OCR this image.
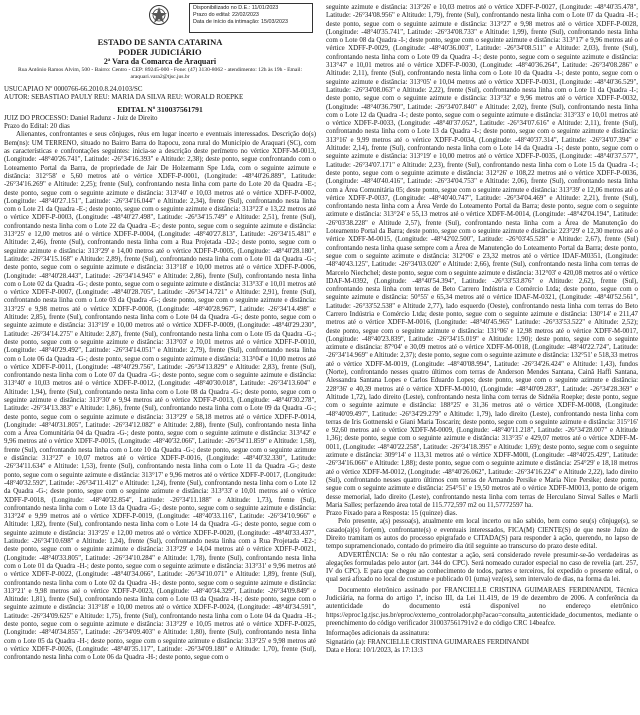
Disponibilizado no D.E.: 11/01/2023
Prazo do edital: 22/02/2023
Data de início da intimação: 15/03/2023
ESTADO DE SANTA CATARINA
PODER JUDICIÁRIO
2ª Vara da Comarca de Araquari
Rua Antônio Ramos Alvim, 500 - Bairro: Centro - CEP: 89245-000 - Fone: (47) 3130-8062 - atendimento: 12h às 19h - Email: araquari.vara2@tjsc.jus.br
USUCAPIÃO Nº 0000766-66.2010.8.24.0103/SC
AUTOR: SEBASTIÃO PAULY RÉU: MARIA DA SILVA RÉU: WORALD ROEPKE
EDITAL Nº 310037561791
JUIZ DO PROCESSO: Daniel Radunz - Juiz de Direito
Prazo do Edital: 20 dias

Alienantes, confrontantes e seus cônjuges, réus em lugar incerto e eventuais interessados. Descrição do(s) Bem(ns): UM TERRENO, situado no Bairro Barra do Itapocu, zona rural do Município de Araquari (SC), com as características e confrontações seguintes: inicia-se a descrição deste perímetro no vértice XDFF-M-0013, (Longitude: -48°40'26.741", Latitude: -26°34'16.393" e Altitude: 2,38); deste ponto, segue confrontando com o Loteamento Portal da Barra, de propriedade de Jair De Holzemann Spe Ltda, com o seguinte azimute e distância: 312°58' e 5,60 metros até o vértice XDFF-P-0001, (Longitude: -48°40'26.889", Latitude: -26°34'16.269" e Altitude: 2,25); frente (Sul), confrontando nesta linha com parte do Lote 20 da Quadra -E-; deste ponto, segue com o seguinte azimute e distância: 313°40' e 10,03 metros até o vértice XDFF-P-0002, (Longitude: -48°40'27.151", Latitude: -26°34'16.044" e Altitude: 2,34), frente (Sul), confrontando nesta linha com o Lote 21 da Quadra -E-; deste ponto, segue com o seguinte azimute e distância: 313°23' e 13,22 metros até o vértice XDFF-P-0003, (Longitude: -48°40'27.498", Latitude: -26°34'15.749" e Altitude: 2,51), frente (Sul), confrontando nesta linha com o Lote 22 da Quadra -E-; deste ponto, segue com o seguinte azimute e distância: 313°25' e 12,00 metros até o vértice XDFF-P-0004, (Longitude: -48°40'27.813", Latitude: -26°34'15.481" e Altitude: 2,46), frente (Sul), confrontando nesta linha com a Rua Projetada -D2-; deste ponto, segue com o seguinte azimute e distância: 313°29' e 14,00 metros até o vértice XDFF-P-0005, (Longitude: -48°40'28.180", Latitude: -26°34'15.168" e Altitude: 2,89), frente (Sul), confrontando nesta linha com o Lote 01 da Quadra -G-; deste ponto, segue com o seguinte azimute e distância: 313°18' e 10,00 metros até o vértice XDFF-P-0006, (Longitude: -48°40'28.443", Latitude: -26°34'14.945" e Altitude: 2,86), frente (Sul), confrontando nesta linha com o Lote 02 da Quadra -G-; deste ponto, segue com o seguinte azimute e distância: 313°33' e 10,01 metros até o vértice XDFF-P-0007, (Longitude: -48°40'28.705", Latitude: -26°34'14.721" e Altitude: 2,91), frente (Sul), confrontando nesta linha com o Lote 03 da Quadra -G-; deste ponto, segue com o seguinte azimute e distância: 313°25' e 9,98 metros até o vértice XDFF-P-0008, (Longitude: -48°40'28.967", Latitude: -26°34'14.498" e Altitude: 2,85), frente (Sul), confrontando nesta linha com o Lote 04 da Quadra -G-; deste ponto, segue com o seguinte azimute e distância: 313°19' e 10,00 metros até o vértice XDFF-P-0009, (Longitude: -48°40'29.230", Latitude: -26°34'14.275" e Altitude: 2,87), frente (Sul), confrontando nesta linha com o Lote 05 da Quadra -G-; deste ponto, segue com o seguinte azimute e distância: 313°03' e 10,01 metros até o vértice XDFF-P-0010, (Longitude: -48°40'29.492", Latitude: -26°34'14.051" e Altitude: 2,79), frente (Sul), confrontando nesta linha com o Lote 06 da Quadra -G-; deste ponto, segue com o seguinte azimute e distância: 313°04' e 10,00 metros até o vértice XDFF-P-0011, (Longitude: -48°40'29.756", Latitude: -26°34'13.829" e Altitude: 2,83), frente (Sul), confrontando nesta linha com o Lote 07 da Quadra -G-; deste ponto, segue com o seguinte azimute e distância: 313°40' e 10,03 metros até o vértice XDFF-P-0012, (Longitude: -48°40'30.018", Latitude: -26°34'13.604" e Altitude: 1,94), frente (Sul), confrontando nesta linha com o Lote 08 da Quadra -G-; deste ponto, segue com o seguinte azimute e distância: 313°30' e 9,94 metros até o vértice XDFF-P-0013, (Longitude: -48°40'30.278", Latitude: -26°34'13.383" e Altitude: 1,86), frente (Sul), confrontando nesta linha com o Lote 09 da Quadra -G-; deste ponto, segue com o seguinte azimute e distância: 313°29' e 58,18 metros até o vértice XDFF-P-0014, (Longitude: -48°40'31.805", Latitude: -26°34'12.082" e Altitude: 2,88), frente (Sul), confrontando nesta linha com a Área Comunitária 04 da Quadra -G-; deste ponto, segue com o seguinte azimute e distância: 313°42' e 9,96 metros até o vértice XDFF-P-0015, (Longitude: -48°40'32.066", Latitude: -26°34'11.859" e Altitude: 1,58), frente (Sul), confrontando nesta linha com o Lote 10 da Quadra -G-; deste ponto, segue com o seguinte azimute e distância: 313°27' e 10,07 metros até o vértice XDFF-P-0016, (Longitude: -48°40'32.330", Latitude: -26°34'11.634" e Altitude: 1,53), frente (Sul), confrontando nesta linha com o Lote 11 da Quadra -G-; deste ponto, segue com o seguinte azimute e distância: 313°17' e 9,96 metros até o vértice XDFF-P-0017, (Longitude: -48°40'32.592", Latitude: -26°34'11.412" e Altitude: 1,24), frente (Sul), confrontando nesta linha com o Lote 12 da Quadra -G-; deste ponto, segue com o seguinte azimute e distância: 313°33' e 10,01 metros até o vértice XDFF-P-0018, (Longitude: -48°40'32.854", Latitude: -26°34'11.188" e Altitude: 1,73), frente (Sul), confrontando nesta linha com o Lote 13 da Quadra -G-; deste ponto, segue com o seguinte azimute e distância: 313°24' e 9,99 metros até o vértice XDFF-P-0019, (Longitude: -48°40'33.116", Latitude: -26°34'10.966" e Altitude: 1,82), frente (Sul), confrontando nesta linha com o Lote 14 da Quadra -G-; deste ponto, segue com o seguinte azimute e distância: 313°25' e 12,00 metros até o vértice XDFF-P-0020, (Longitude: -48°40'33.437", Latitude: -26°34'10.698" e Altitude: 1,24), frente (Sul), confrontando nesta linha com a Rua Projetada -E2-; deste ponto, segue com o seguinte azimute e distância: 313°29' e 14,04 metros até o vértice XDFF-P-0021, (Longitude: -48°40'33.805", Latitude: -26°34'10.284" e Altitude: 1,78), frente (Sul), confrontando nesta linha com o Lote 01 da Quadra -H-; deste ponto, segue com o seguinte azimute e distância: 313°31' e 9,96 metros até o vértice XDFF-P-0022, (Longitude: -48°40'34.066", Latitude: -26°34'10.071" e Altitude: 1,89), frente (Sul), confrontando nesta linha com o Lote 02 da Quadra -H-; deste ponto, segue com o seguinte azimute e distância: 313°21' e 9,98 metros até o vértice XDFF-P-0023, (Longitude: -48°40'34.329", Latitude: -26°34'09.849" e Altitude: 1,81), frente (Sul), confrontando nesta linha com o Lote 03 da Quadra -H-; deste ponto, segue com o seguinte azimute e distância: 313°18' e 10,00 metros até o vértice XDFF-P-0024, (Longitude: -48°40'34.591", Latitude: -26°34'09.625" e Altitude: 1,75), frente (Sul), confrontando nesta linha com o Lote 04 da Quadra -H-; deste ponto, segue com o seguinte azimute e distância: 313°29' e 10,05 metros até o vértice XDFF-P-0025, (Longitude: -48°40'34.855", Latitude: -26°34'09.403" e Altitude: 1,80), frente (Sul), confrontando nesta linha com o Lote 05 da Quadra -H-; deste ponto, segue com o seguinte azimute e distância: 313°25' e 9,98 metros até o vértice XDFF-P-0026, (Longitude: -48°40'35.117", Latitude: -26°34'09.180" e Altitude: 1,70), frente (Sul), confrontando nesta linha com o Lote 06 da Quadra -H-; deste ponto, segue com o

seguinte azimute e distância: 313°26' e 10,03 metros até o vértice XDFF-P-0027, (Longitude: -48°40'35.478", Latitude: -26°34'08.956" e Altitude: 1,79), frente (Sul), confrontando nesta linha com o Lote 07 da Quadra -H-; deste ponto, segue com o seguinte azimute e distância: 313°27' e 9,98 metros até o vértice XDFF-P-0028, (Longitude: -48°40'35.741", Latitude: -26°34'08.733" e Altitude: 1,99), frente (Sul), confrontando nesta linha com o Lote 08 da Quadra -I-; deste ponto, segue com o seguinte azimute e distância: 313°17' e 9,96 metros até o vértice XDFF-P-0029, (Longitude: -48°40'36.003", Latitude: -26°34'08.511" e Altitude: 2,03), frente (Sul), confrontando nesta linha com o Lote 09 da Quadra -I-; deste ponto, segue com o seguinte azimute e distância: 313°47' e 10,01 metros até o vértice XDFF-P-0030, (Longitude: -48°40'36.264", Latitude: -26°34'08.286" e Altitude: 2,11), frente (Sul), confrontando nesta linha com o Lote 10 da Quadra -I-; deste ponto, segue com o seguinte azimute e distância: 313°05' e 10,04 metros até o vértice XDFF-P-0031, (Longitude: -48°40'36.529", Latitude: -26°34'08.063" e Altitude: 2,22), frente (Sul), confrontando nesta linha com o Lote 11 da Quadra -I-; deste ponto, segue com o seguinte azimute e distância: 313°32' e 9,96 metros até o vértice XDFF-P-0032, (Longitude: -48°40'36.790", Latitude: -26°34'07.840" e Altitude: 2,02), frente (Sul), confrontando nesta linha com o Lote 12 da Quadra -I-; deste ponto, segue com o seguinte azimute e distância: 313°33' e 10,01 metros até o vértice XDFF-P-0033, (Longitude: -48°40'37.052", Latitude: -26°34'07.616" e Altitude: 2,11), frente (Sul), confrontando nesta linha com o Lote 13 da Quadra -I-; deste ponto, segue com o seguinte azimute e distância: 313°16' e 9,99 metros até o vértice XDFF-P-0034, (Longitude: -48°40'37.314", Latitude: -26°34'07.394" e Altitude: 2,14), frente (Sul), confrontando nesta linha com o Lote 14 da Quadra -I-; deste ponto, segue com o seguinte azimute e distância: 313°19' e 10,00 metros até o vértice XDFF-P-0035, (Longitude: -48°40'37.577", Latitude: -26°34'07.171" e Altitude: 2,23), frente (Sul), confrontando nesta linha com o Lote 15 da Quadra -I-; deste ponto, segue com o seguinte azimute e distância: 312°26' e 108,22 metros até o vértice XDFF-P-0036, (Longitude: -48°40'40.416", Latitude: -26°34'04.753" e Altitude: 2,06), frente (Sul), confrontando nesta linha com a Área Comunitária 05; deste ponto, segue com o seguinte azimute e distância: 313°39' e 12,06 metros até o vértice XDFF-P-0037, (Longitude: -48°40'40.747", Latitude: -26°34'04.469" e Altitude: 2,21), frente (Sul), confrontando nesta linha com a Área Verde do Loteamento Portal da Barra; deste ponto, segue com o seguinte azimute e distância: 313°24' e 55,13 metros até o vértice XDFF-M-0014, (Longitude: -48°42'04.194", Latitude: -26°03'38.228" e Altitude 2,57), frente (Sul), confrontando nesta linha com a Área de Manutenção do Loteamento Portal da Barra; deste ponto, segue com o seguinte azimute e distância: 223°29' e 12,30 metros até o vértice XDFF-M-0015, (Longitude: -48°42'02.500", Latitude: -26°03'45.528" e Altitude: 2,67), frente (Sul) confrontando nesta linha quase sempre com a Área de Manutenção do Loteamento Portal da Barra; deste ponto, segue com o seguinte azimute e distância: 312°06' e 23,32 metros até o vértice IDAF-M0351, (Longitude: -48°40'43.125", Latitude: -26°34'03.020" e Altitude: 2,66), frente (Sul), confrontando nesta linha com terras de Marcelo Niechchel; deste ponto, segue com o seguinte azimute e distância: 312°03' e 420,08 metros até o vértice IDAF-M-0392, (Longitude: -48°40'54.394", Latitude: -26°33'53.876" e Altitude: 2,62), frente (Sul), confrontando nesta linha com terras de Beto Carrero Indústria e Comércio Ltda; deste ponto, segue com o seguinte azimute e distância: 50°55' e 65,34 metros até o vértice IDAF-M-0321, (Longitude: -48°40'52.561", Latitude: -26°33'52.538" e Altitude 2,77), lado esquerdo (Oeste), confrontando nesta linha com terras do Beto Carrero Indústria e Comércio Ltda; deste ponto, segue com o seguinte azimute e distância: 130°14' e 211,47 metros até o vértice XDFF-M-0016, (Longitude: -48°40'45.965" Latitude: -26°33'53.522" e Altitude: 2,52); deste ponto, segue com o seguinte azimute e distância: 131°06' e 12,98 metros até o vértice XDFF-M-0017, (Longitude: -48°40'23.839", Latitude: -26°34'15.019" e Altitude: 1,90); deste ponto, segue com o seguinte azimute e distância: 87°04' e 30,09 metros até o vértice XDFF-M-0018, (Longitude: -48°40'22.724", Latitude: -26°34'14.969" e Altitude: 2,37); deste ponto, segue com o seguinte azimute e distância: 132°51' e 518,33 metros até o vértice XDFF-M-0019, (Longitude: -48°40'08.994", Latitude: -26°34'26.424" e Altitude: 1,43), fundos (Norte), confrontando nesses quatro últimos com terras de Anderson Mendes Santana, Cainã Haffi Santana, Alessandra Santana Lopes e Carlos Eduardo Lopes; deste ponto, segue com o seguinte azimute e distância: 228°36' e 40,39 metros até o vértice XDFF-M-0010, (Longitude: -48°40'09.283", Latitude: -26°34'28.369" e Altitude 1,72), lado direito (Leste), confrontando nesta linha com terras de Sidnéia Roepke; deste ponto, segue com o seguinte azimute e distância: 188°25' e 31,36 metros até o vértice XDFF-M-0008, (Longitude: -48°40'09.497", Latitude: -26°34'29.279" e Altitude: 1,79), lado direito (Leste), confrontando nesta linha com terras de Iris Gottnenski e Giani Maria Toscarin; deste ponto, segue com o seguinte azimute e distância: 315°16' e 92,60 metros até o vértice XDFF-M-0009, (Longitude: -48°40'11.218", Latitude: -26°34'28.007" e Altitude 1,36); deste ponto, segue com o seguinte azimute e distância: 313°35' e 429,07 metros até o vértice XDFF-M-0011, (Longitude: -48°40'22.258", Latitude: -26°34'18.395" e Altitude: 1,69); deste ponto, segue com o seguinte azimute e distância: 309°14' e 113,31 metros até o vértice XDFF-M00l, (Longitude: -48°40'25.429", Latitude: -26°34'16.066" e Altitude: 1,88); deste ponto, segue com o seguinte azimute e distância: 254°29' e 18,18 metros até o vértice XDFF-M-0012, (Longitude: -48°40'26.062", Latitude: -26°34'16.224" e Altitude 2,22), lado direito (Sul), confrontando nesses quatro últimos com terras de Armando Persike e Maria Nice Persike; deste ponto, segue com o seguinte azimute e distância: 254°51' e 19,50 metros até o vértice XDFF-M0013, ponto de origem desse memorial, lado direito (Leste), confrontando nesta linha com terras de Herculano Sinval Salles e Marli Maria Salles; perfazendo área total de 115.772,597 m2 ou 11,57772597 ha.

Prazo Fixado para a Resposta: 15 (quinze) dias.

Pelo presente, a(s) pessoa(s), atualmente em local incerto ou não sabido, bem como seu(s) cônjuge(s), se casado(a)(s) for(em), confrontante(s) e eventuais interessados, FICA(M) CIENTE(S) de que neste Juízo de Direito tramitam os autos do processo epigrafado e CITADA(S) para responder à ação, querendo, no lapso de tempo supramencionado, contado do primeiro dia útil seguinte ao transcurso do prazo deste edital.

ADVERTÊNCIA: Se o réu não contestar a ação, será considerado revele presumir-se-ão verdadeiras as alegações formuladas pelo autor (art. 344 do CPC). Será nomeado curador especial no caso de revelia (art. 257, IV do CPC). E para que chegue ao conhecimento de todos, partes e terceiros, foi expedido o presente edital, o qual será afixado no local de costume e publicado 01 (uma) vez(es), sem intervalo de dias, na forma da lei.

Documento eletrônico assinado por FRANCIELLE CRISTINA GUIMARAES FERDINANDI, Técnica Judiciária, na forma do artigo 1º, inciso III, da Lei 11.419, de 19 de dezembro de 2006. A conferência da autenticidade do documento está disponível no endereço eletrônico https://eproc1g.tjsc.jus.br/eproc/externo_controlador.php?acao=consulta_autenticidade_documentos, mediante o preenchimento do código verificador 310037561791v2 e do código CRC 14beafce.

Informações adicionais da assinatura:

Signatário (a): FRANCIELLE CRISTINA GUIMARAES FERDINANDI

Data e Hora: 10/1/2023, às 17:13:3
